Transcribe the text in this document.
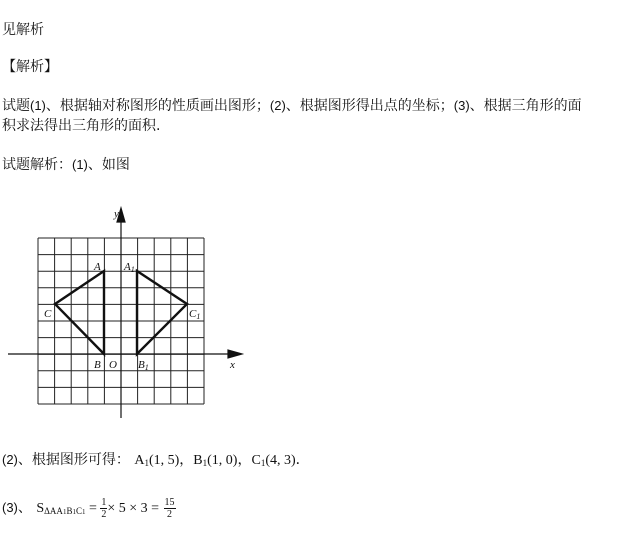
见解析
【解析】
试题(1)、根据轴对称图形的性质画出图形；(2)、根据图形得出点的坐标；(3)、根据三角形的面
积求法得出三角形的面积.
试题解析：(1)、如图
y
x
O
A
B
C
A1
B1
C1
(2)、根据图形可得： $A_1(1$, 5)，$B_1(1$, 0)，$C_1(4$, 3)．
(3)、 $S_{\Delta AA1B1C1} = \frac{1}{2} \times 5 \times 3 = \frac{15}{2}$
